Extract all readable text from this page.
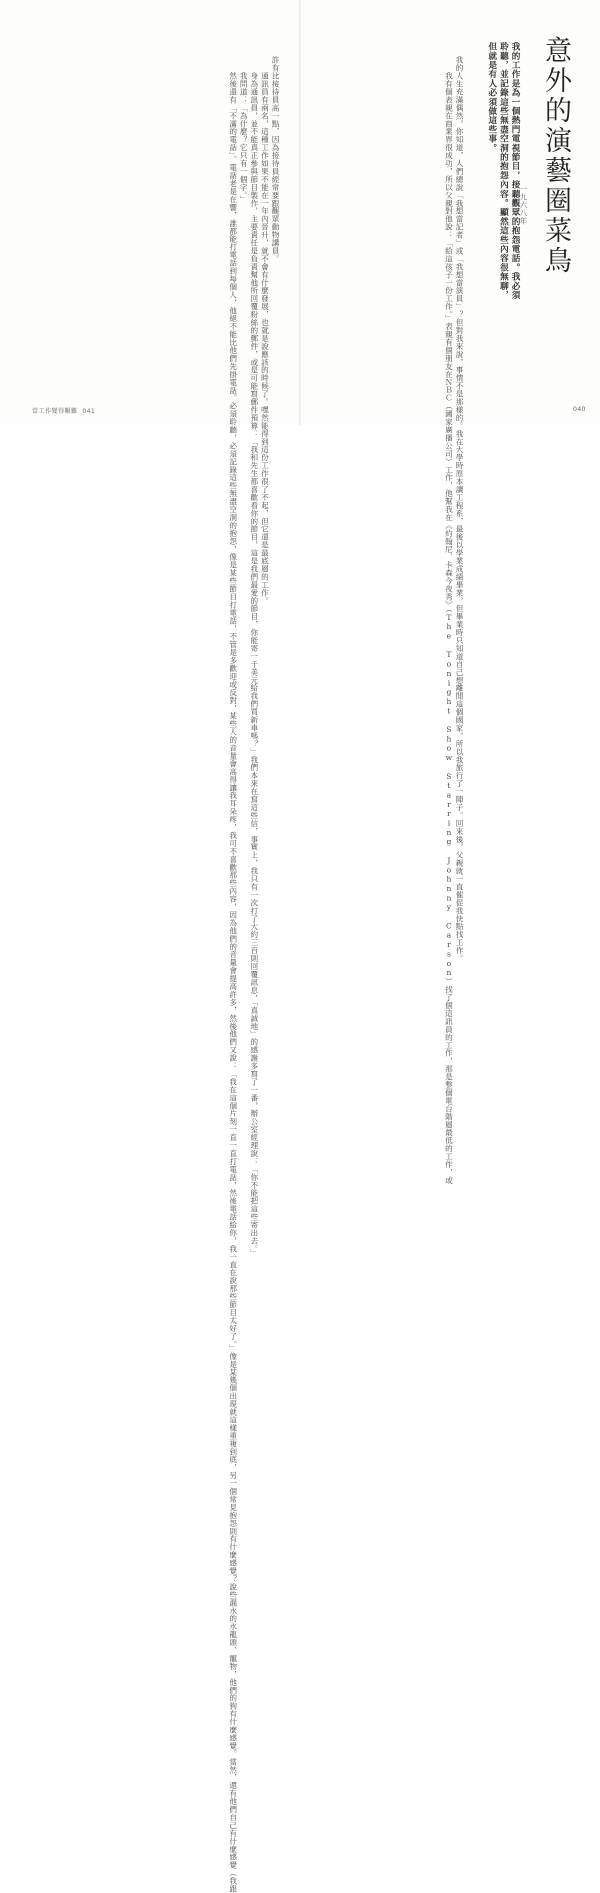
許有比接待員高一點，因為接待員經常要跟觀眾動物講員。
　　通訊員有兩名，這種工作如果不能在一年內晉升，就不會有什麼發展，也就是說應該的時候了。嘿然能得到這份工作很了不起，但它還是最底層的工作。
　　身為通訊員，並不能真正參與節目製作，主要責任是負責幫他所回覆粉絲的郵件，或是可能寫郵件預算：「我和先生都喜歡看你的節目，這是我們最愛的節目，你能寄一千美元給我們買新車嗎？」我們本來在寫這些信，事實上，我只有一次打了大約三百則回覆訊息，「真誠地」的感謝多寫了一番，辦公室經理說：「你不能把這些寄出去。」
　　我問道：「為什麼？它只有一個字。」
　　然後還有「不滿的電話」。電話老是在響，誰都能打電話到每個人，他絕不能比他們先掛電話。必須聆聽，必須記錄這些無盡空洞的抱怨，像是某些節目打電話，不管是多歡迎或反對，某些人的音量會高得讓我耳朵疼，我可不喜歡那些內容，因為他們的音量會提高許多，然後他們又說：「我在這個片刻一直一直打電話，然後電話給你，我一直在說那些節目太好了。」像是某幾個出現就這樣重複到底，另一個常見抱怨則有什麼感覺？說些漏水的水龍頭、寵物，他們的狗有什麼感覺。當然，還有他們自己有什麼感覺（我跟	意外的演藝圈菜鳥
一九六八年

我的工作是為一個熱門電視節目，接聽觀眾的抱怨電話。我必須聆聽，並記錄這些無盡空洞的抱怨內容。顯然這些內容很無聊，但就是有人必須做這些事。

我的人生充滿偶然，你知道，人們總說「我想當記者」或「我想當演員」？但對我來說，事情不是那樣的。我在大學時原本讀工程系，最後以學業成績畢業，但畢業時只知道自己想離開這個國家，所以我旅行了一陣子。回來後，父親就一直催促我快點找工作。
　　 Tonight Show Starring Johnny Carson）找了個這訊員的工作，那是整個電台階層最低的工作，或
040
當工作變得艱難 041
